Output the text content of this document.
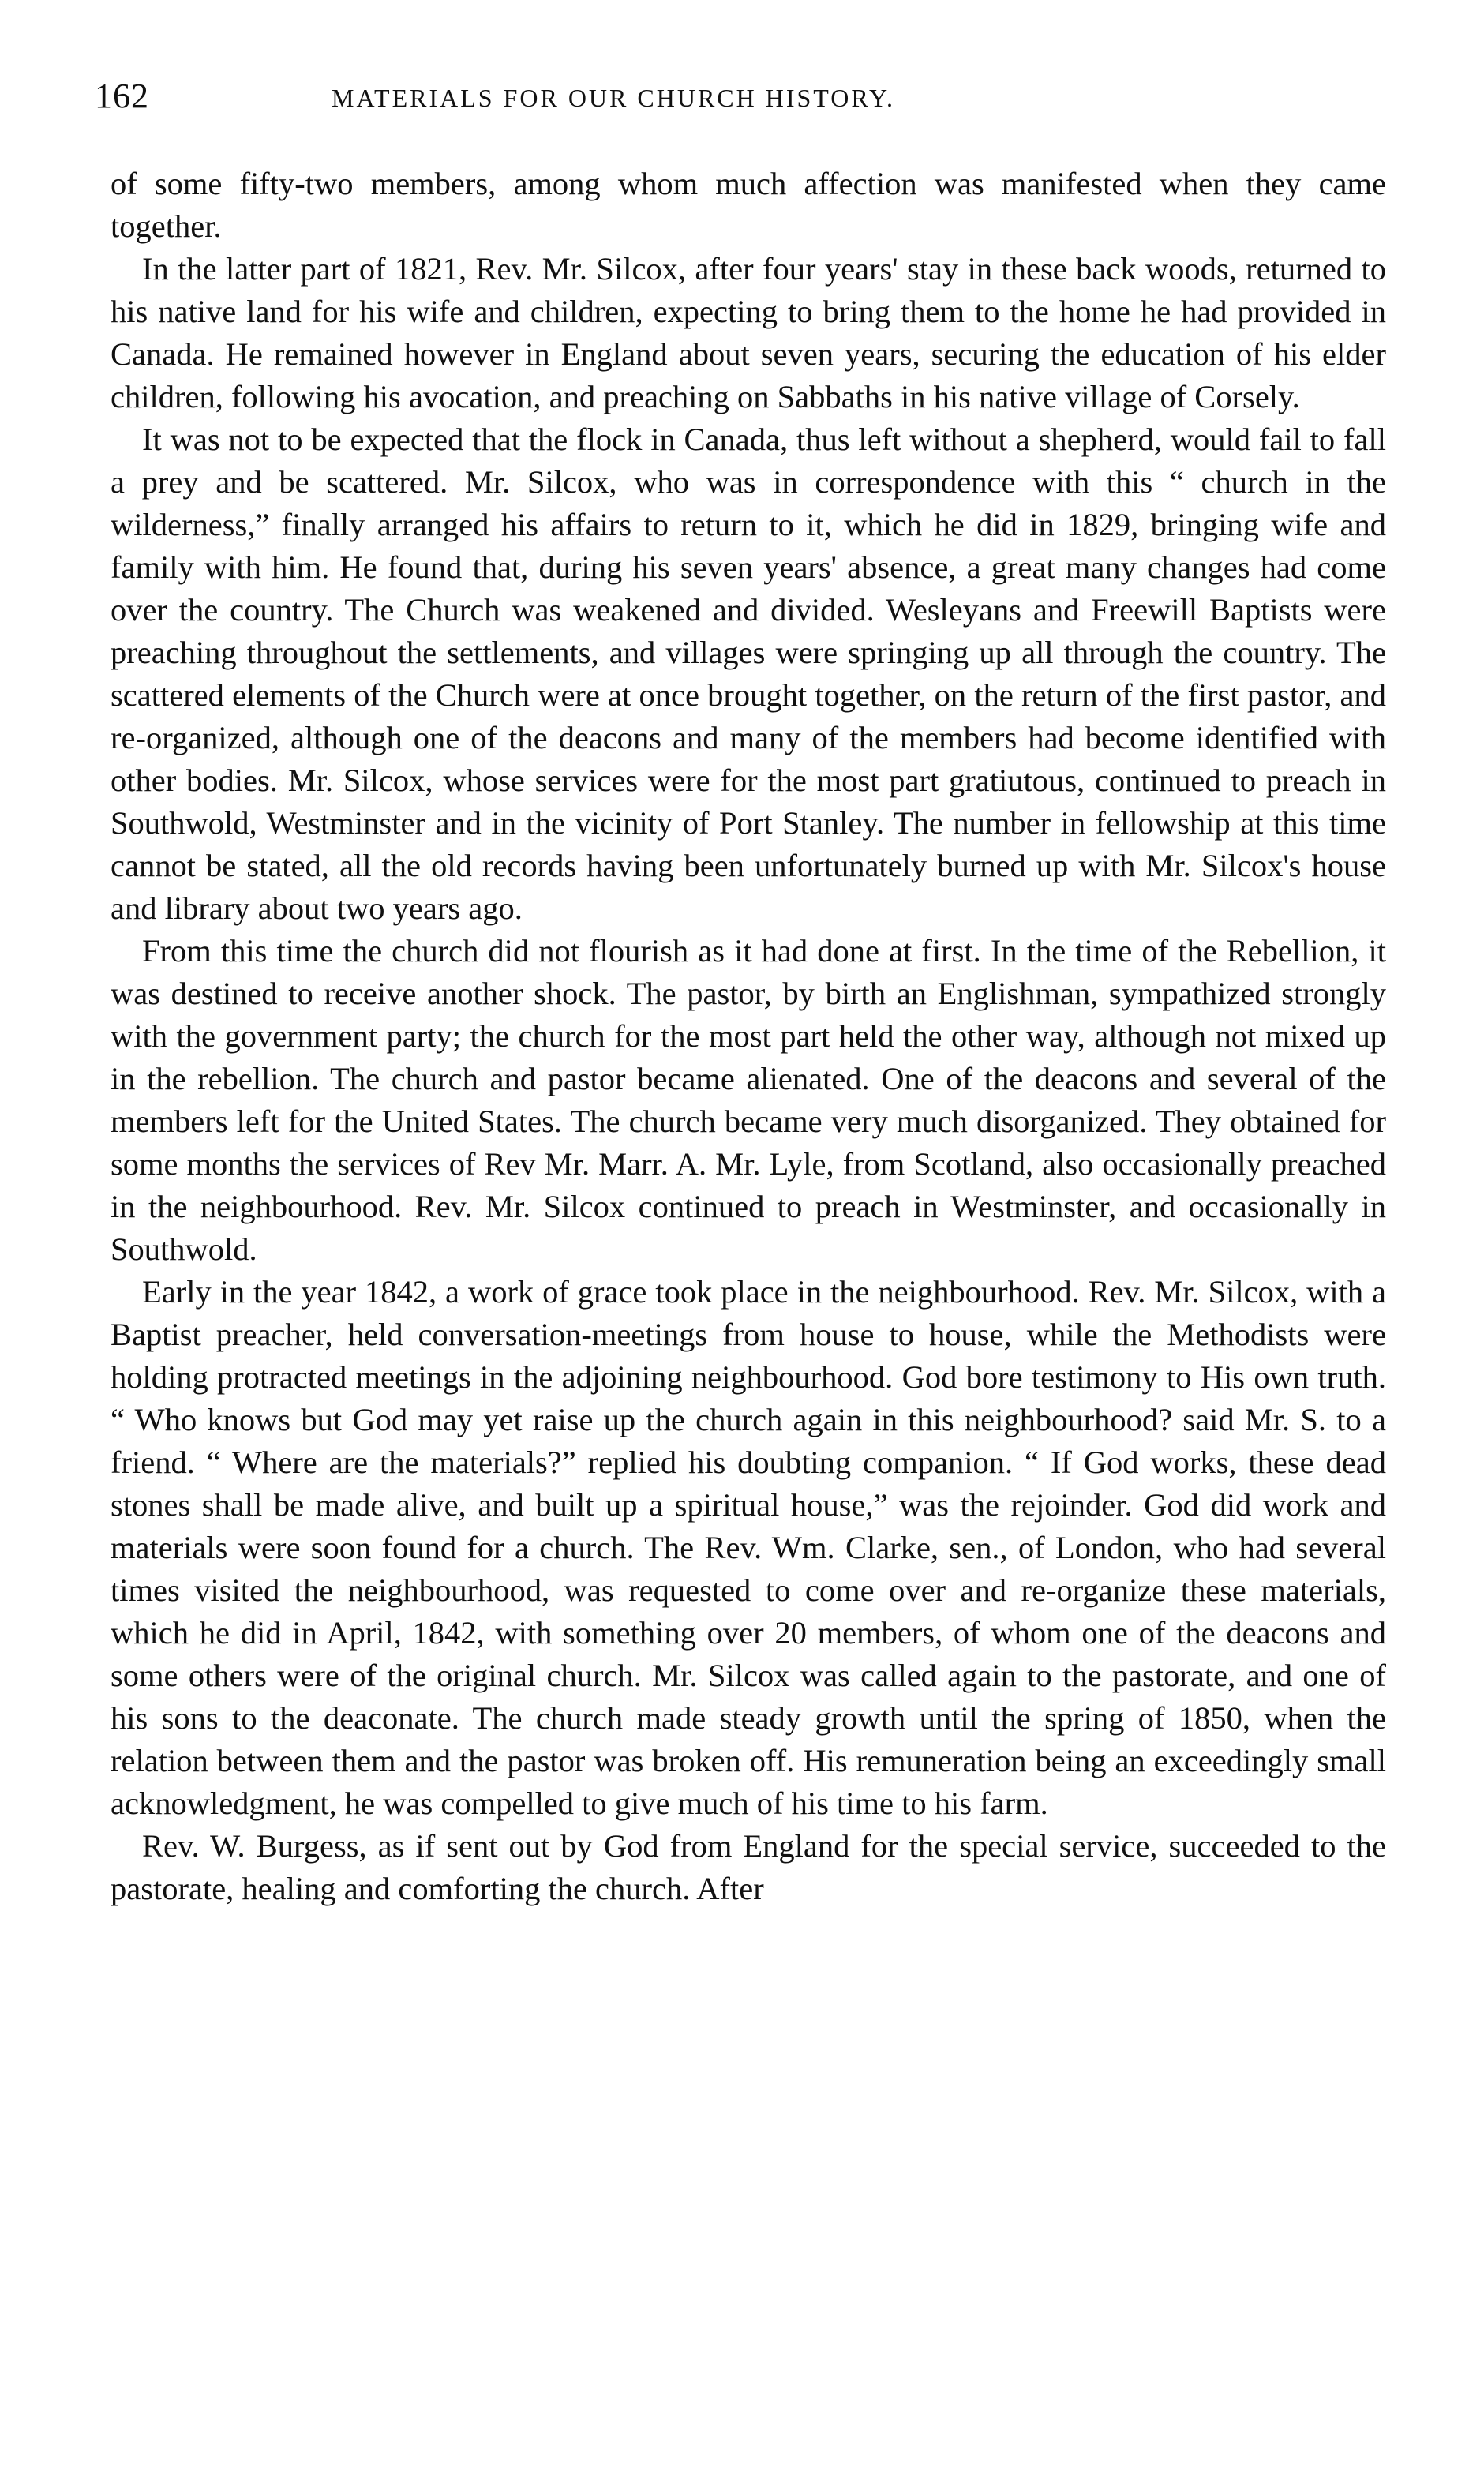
162	MATERIALS FOR OUR CHURCH HISTORY.

of some fifty-two members, among whom much affection was manifested when they came together.

In the latter part of 1821, Rev. Mr. Silcox, after four years' stay in these back woods, returned to his native land for his wife and children, expecting to bring them to the home he had provided in Canada. He remained however in England about seven years, securing the education of his elder children, following his avocation, and preaching on Sabbaths in his native village of Corsely.

It was not to be expected that the flock in Canada, thus left without a shepherd, would fail to fall a prey and be scattered. Mr. Silcox, who was in correspondence with this “ church in the wilderness,” finally arranged his affairs to return to it, which he did in 1829, bringing wife and family with him. He found that, during his seven years' absence, a great many changes had come over the country. The Church was weakened and divided. Wesleyans and Freewill Baptists were preaching throughout the settlements, and villages were springing up all through the country. The scattered elements of the Church were at once brought together, on the return of the first pastor, and re-organized, although one of the deacons and many of the members had become identified with other bodies. Mr. Silcox, whose services were for the most part gratiutous, continued to preach in Southwold, Westminster and in the vicinity of Port Stanley. The number in fellowship at this time cannot be stated, all the old records having been unfortunately burned up with Mr. Silcox's house and library about two years ago.

From this time the church did not flourish as it had done at first. In the time of the Rebellion, it was destined to receive another shock. The pastor, by birth an Englishman, sympathized strongly with the government party; the church for the most part held the other way, although not mixed up in the rebellion. The church and pastor became alienated. One of the deacons and several of the members left for the United States. The church became very much disorganized. They obtained for some months the services of Rev Mr. Marr. A. Mr. Lyle, from Scotland, also occasionally preached in the neighbourhood. Rev. Mr. Silcox continued to preach in Westminster, and occasionally in Southwold.

Early in the year 1842, a work of grace took place in the neighbourhood. Rev. Mr. Silcox, with a Baptist preacher, held conversation-meetings from house to house, while the Methodists were holding protracted meetings in the adjoining neighbourhood. God bore testimony to His own truth. “ Who knows but God may yet raise up the church again in this neighbourhood? said Mr. S. to a friend. “ Where are the materials?” replied his doubting companion. “ If God works, these dead stones shall be made alive, and built up a spiritual house,” was the rejoinder. God did work and materials were soon found for a church. The Rev. Wm. Clarke, sen., of London, who had several times visited the neighbourhood, was requested to come over and re-organize these materials, which he did in April, 1842, with something over 20 members, of whom one of the deacons and some others were of the original church. Mr. Silcox was called again to the pastorate, and one of his sons to the deaconate. The church made steady growth until the spring of 1850, when the relation between them and the pastor was broken off. His remuneration being an exceedingly small acknowledgment, he was compelled to give much of his time to his farm.

Rev. W. Burgess, as if sent out by God from England for the special service, succeeded to the pastorate, healing and comforting the church. After
